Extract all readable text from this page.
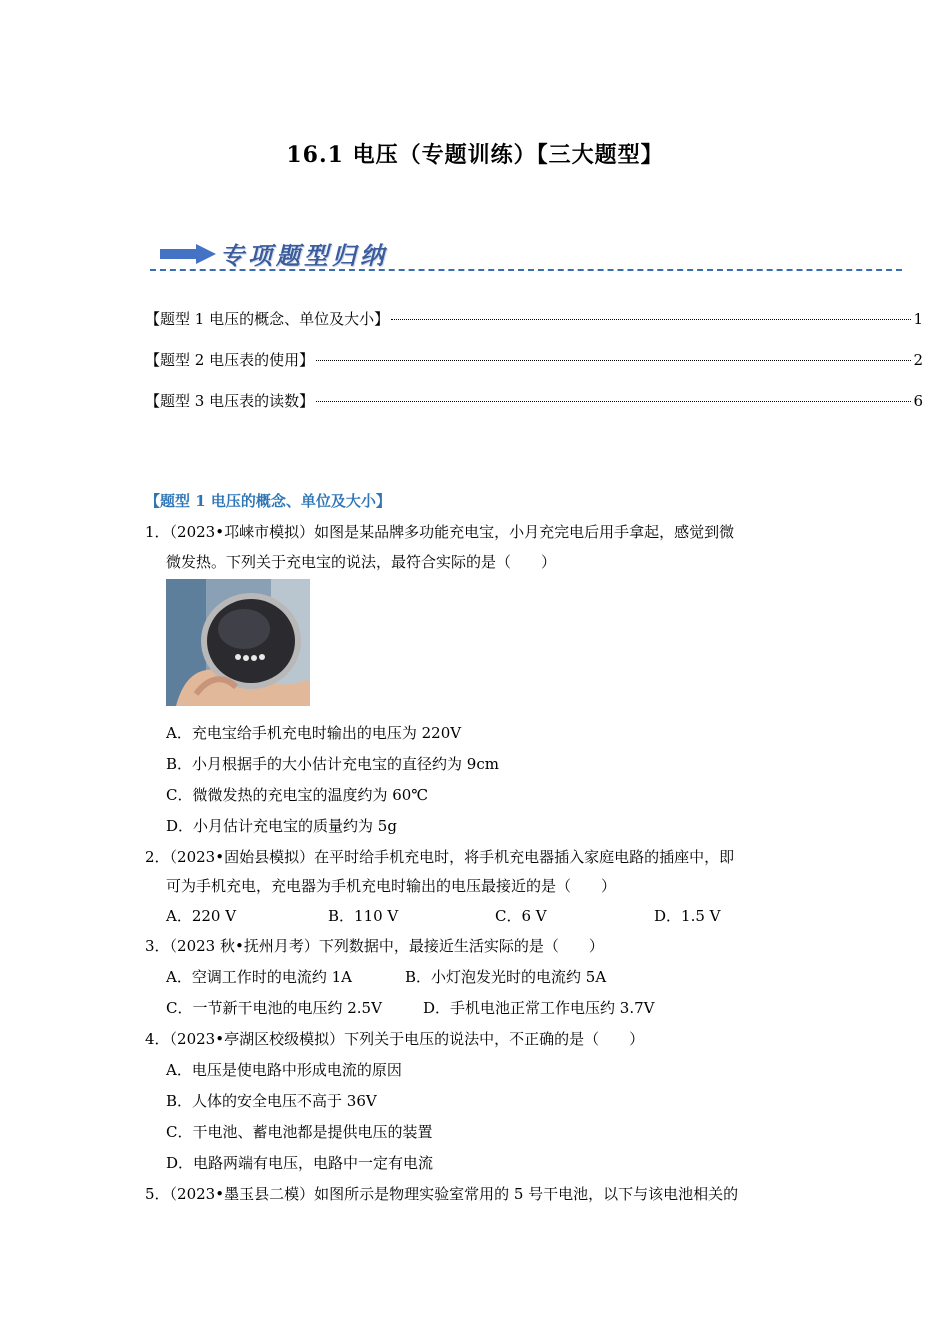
16.1 电压（专题训练）【三大题型】
专项题型归纳
【题型 1 电压的概念、单位及大小】	1
【题型 2 电压表的使用】	2
【题型 3 电压表的读数】	6
【题型 1 电压的概念、单位及大小】
1．（2023•邛崃市模拟）如图是某品牌多功能充电宝，小月充完电后用手拿起，感觉到微
微发热。下列关于充电宝的说法，最符合实际的是（　　）
A．充电宝给手机充电时输出的电压为 220V
B．小月根据手的大小估计充电宝的直径约为 9cm
C．微微发热的充电宝的温度约为 60℃
D．小月估计充电宝的质量约为 5g
2．（2023•固始县模拟）在平时给手机充电时，将手机充电器插入家庭电路的插座中，即
可为手机充电，充电器为手机充电时输出的电压最接近的是（　　）
A．220 V	B．110 V	C．6 V	D．1.5 V
3．（2023 秋•抚州月考）下列数据中，最接近生活实际的是（　　）
A．空调工作时的电流约 1A	B．小灯泡发光时的电流约 5A
C．一节新干电池的电压约 2.5V	D．手机电池正常工作电压约 3.7V
4．（2023•亭湖区校级模拟）下列关于电压的说法中，不正确的是（　　）
A．电压是使电路中形成电流的原因
B．人体的安全电压不高于 36V
C．干电池、蓄电池都是提供电压的装置
D．电路两端有电压，电路中一定有电流
5．（2023•墨玉县二模）如图所示是物理实验室常用的 5 号干电池，以下与该电池相关的
